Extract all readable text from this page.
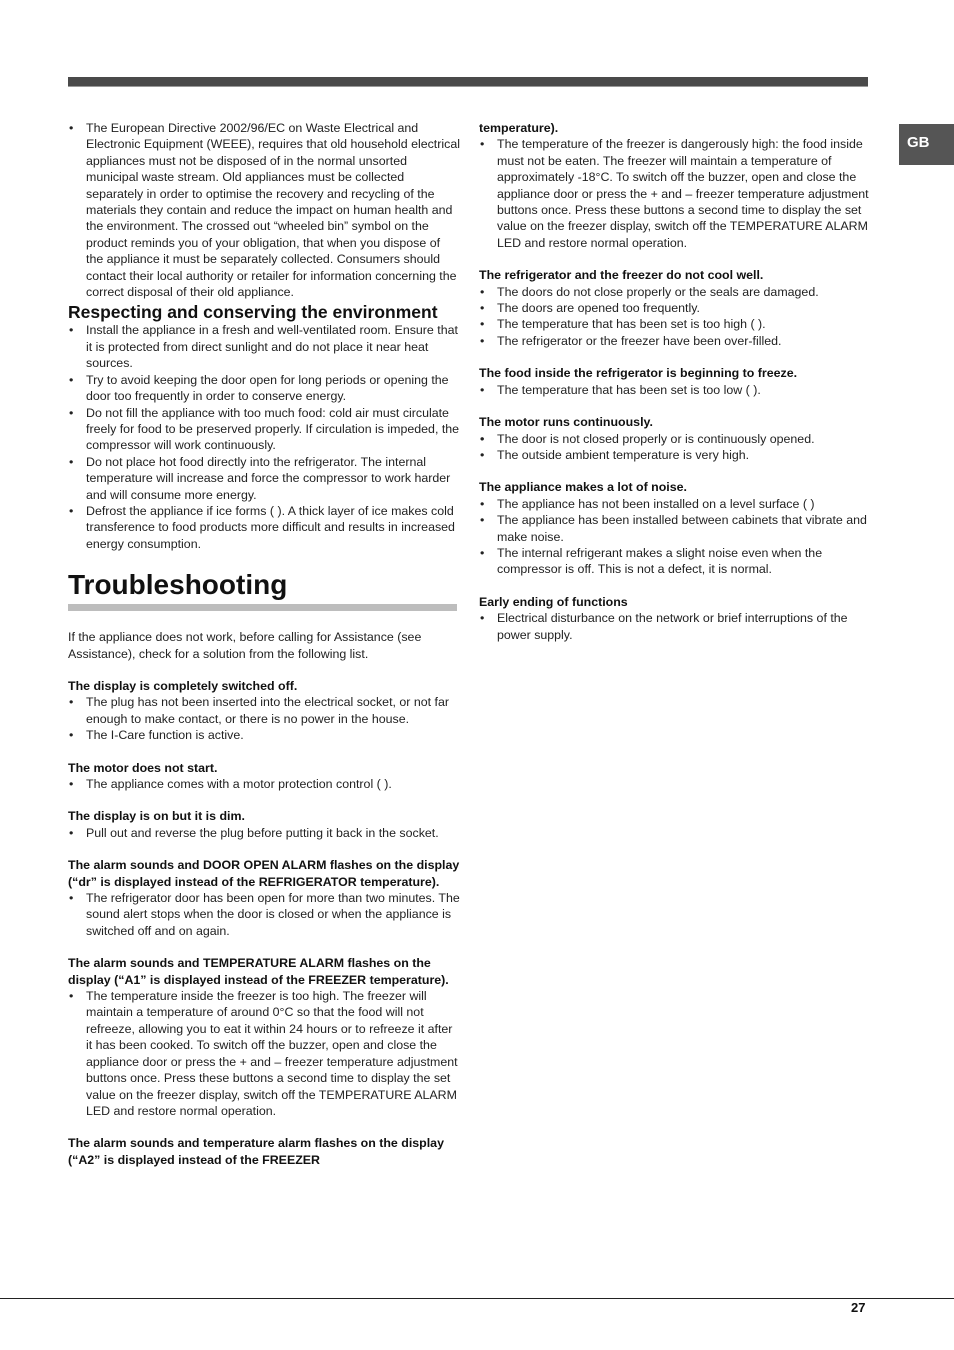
GB
• The European Directive 2002/96/EC on Waste Electrical and Electronic Equipment (WEEE), requires that old household electrical appliances must not be disposed of in the normal unsorted municipal waste stream. Old appliances must be collected separately in order to optimise the recovery and recycling of the materials they contain and reduce the impact on human health and the environment. The crossed out “wheeled bin” symbol on the product reminds you of your obligation, that when you dispose of the appliance it must be separately collected. Consumers should contact their local authority or retailer for information concerning the correct disposal of their old appliance.
Respecting and conserving the environment
• Install the appliance in a fresh and well-ventilated room. Ensure that it is protected from direct sunlight and do not place it near heat sources.
• Try to avoid keeping the door open for long periods or opening the door too frequently in order to conserve energy.
• Do not fill the appliance with too much food: cold air must circulate freely for food to be preserved properly. If circulation is impeded, the compressor will work continuously.
• Do not place hot food directly into the refrigerator. The internal temperature will increase and force the compressor to work harder and will consume more energy.
• Defrost the appliance if ice forms ( ). A thick layer of ice makes cold transference to food products more difficult and results in increased energy consumption.
Troubleshooting
If the appliance does not work, before calling for Assistance (see Assistance), check for a solution from the following list.
The display is completely switched off.
• The plug has not been inserted into the electrical socket, or not far enough to make contact, or there is no power in the house.
• The I-Care function is active.
The motor does not start.
• The appliance comes with a motor protection control ( ).
The display is on but it is dim.
• Pull out and reverse the plug before putting it back in the socket.
The alarm sounds and DOOR OPEN ALARM flashes on the display (“dr” is displayed instead of the REFRIGERATOR temperature).
• The refrigerator door has been open for more than two minutes. The sound alert stops when the door is closed or when the appliance is switched off and on again.
The alarm sounds and TEMPERATURE ALARM flashes on the display (“A1” is displayed instead of the FREEZER temperature).
• The temperature inside the freezer is too high. The freezer will maintain a temperature of around 0°C so that the food will not refreeze, allowing you to eat it within 24 hours or to refreeze it after it has been cooked. To switch off the buzzer, open and close the appliance door or press the + and – freezer temperature adjustment buttons once. Press these buttons a second time to display the set value on the freezer display, switch off the TEMPERATURE ALARM LED and restore normal operation.
The alarm sounds and temperature alarm flashes on the display (“A2” is displayed instead of the FREEZER
temperature).
• The temperature of the freezer is dangerously high: the food inside must not be eaten. The freezer will maintain a temperature of approximately -18°C. To switch off the buzzer, open and close the appliance door or press the + and – freezer temperature adjustment buttons once. Press these buttons a second time to display the set value on the freezer display, switch off the TEMPERATURE ALARM LED and restore normal operation.
The refrigerator and the freezer do not cool well.
• The doors do not close properly or the seals are damaged.
• The doors are opened too frequently.
• The temperature that has been set is too high ( ).
• The refrigerator or the freezer have been over-filled.
The food inside the refrigerator is beginning to freeze.
• The temperature that has been set is too low ( ).
The motor runs continuously.
• The door is not closed properly or is continuously opened.
• The outside ambient temperature is very high.
The appliance makes a lot of noise.
• The appliance has not been installed on a level surface ( )
• The appliance has been installed between cabinets that vibrate and make noise.
• The internal refrigerant makes a slight noise even when the compressor is off. This is not a defect, it is normal.
Early ending of functions
• Electrical disturbance on the network or brief interruptions of the power supply.
27
